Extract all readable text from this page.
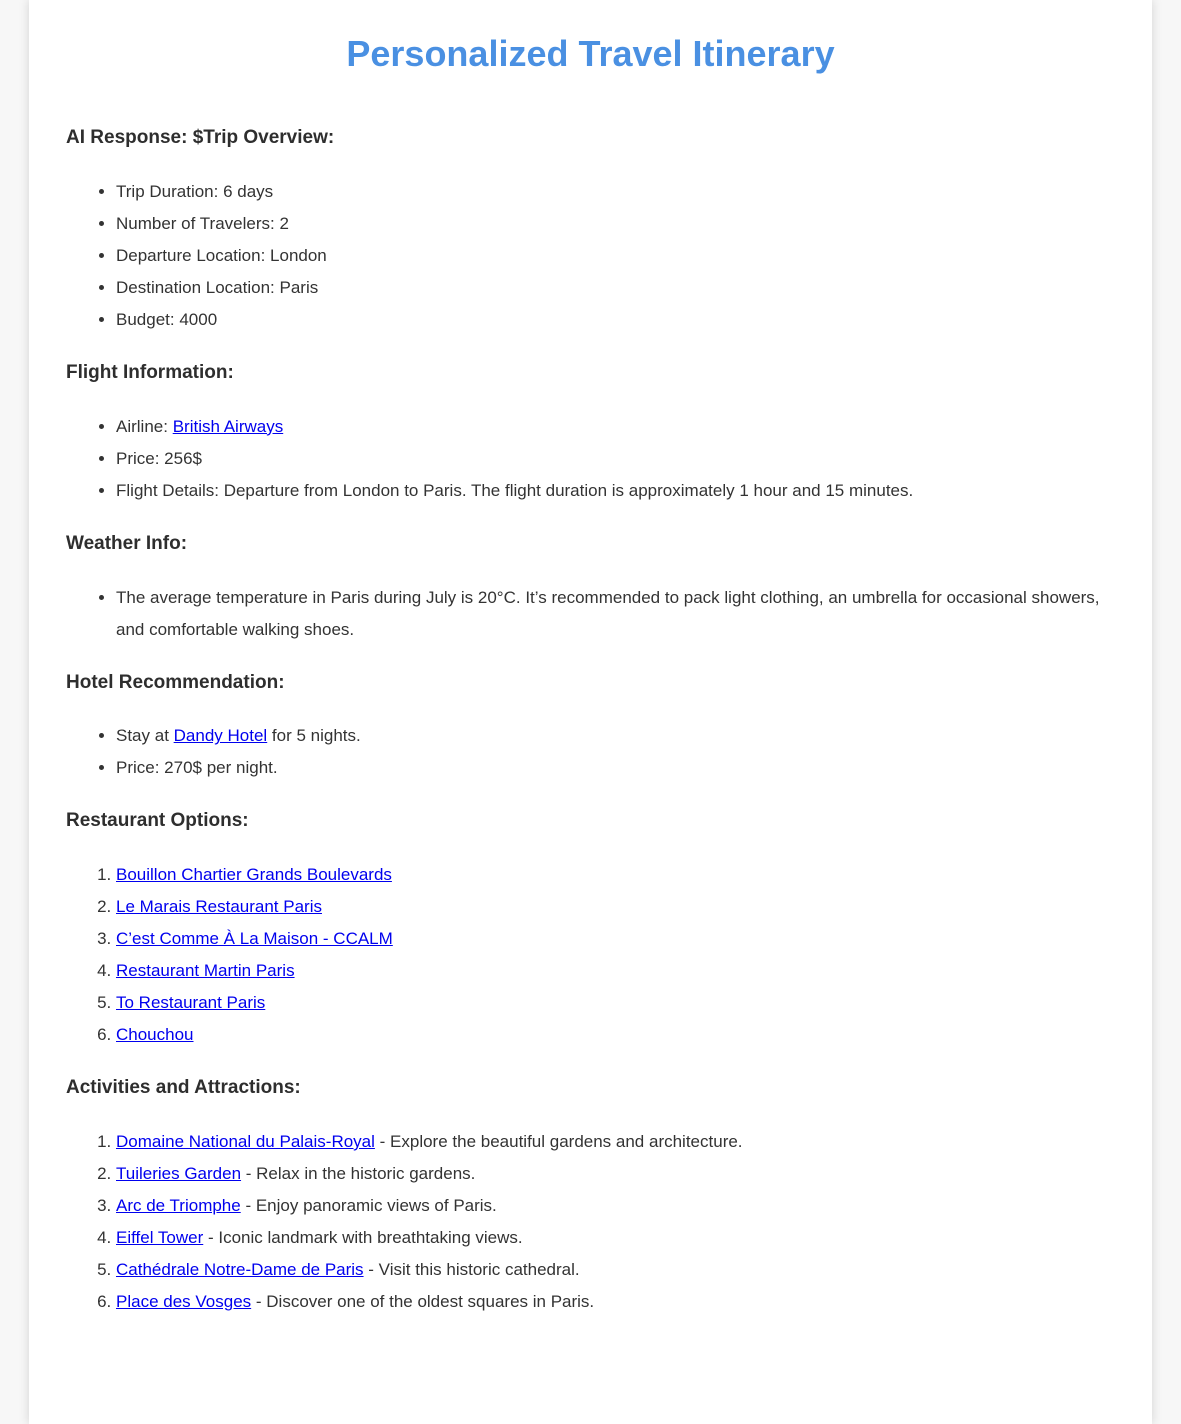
Personalized Travel Itinerary
AI Response: $Trip Overview:
• Trip Duration: 6 days
• Number of Travelers: 2
• Departure Location: London
• Destination Location: Paris
• Budget: 4000
Flight Information:
• Airline: British Airways
• Price: 256$
• Flight Details: Departure from London to Paris. The flight duration is approximately 1 hour and 15 minutes.
Weather Info:
• The average temperature in Paris during July is 20°C. It’s recommended to pack light clothing, an umbrella for occasional showers, and comfortable walking shoes.
Hotel Recommendation:
• Stay at Dandy Hotel for 5 nights.
• Price: 270$ per night.
Restaurant Options:
1. Bouillon Chartier Grands Boulevards
2. Le Marais Restaurant Paris
3. C’est Comme À La Maison - CCALM
4. Restaurant Martin Paris
5. To Restaurant Paris
6. Chouchou
Activities and Attractions:
1. Domaine National du Palais-Royal - Explore the beautiful gardens and architecture.
2. Tuileries Garden - Relax in the historic gardens.
3. Arc de Triomphe - Enjoy panoramic views of Paris.
4. Eiffel Tower - Iconic landmark with breathtaking views.
5. Cathédrale Notre-Dame de Paris - Visit this historic cathedral.
6. Place des Vosges - Discover one of the oldest squares in Paris.
